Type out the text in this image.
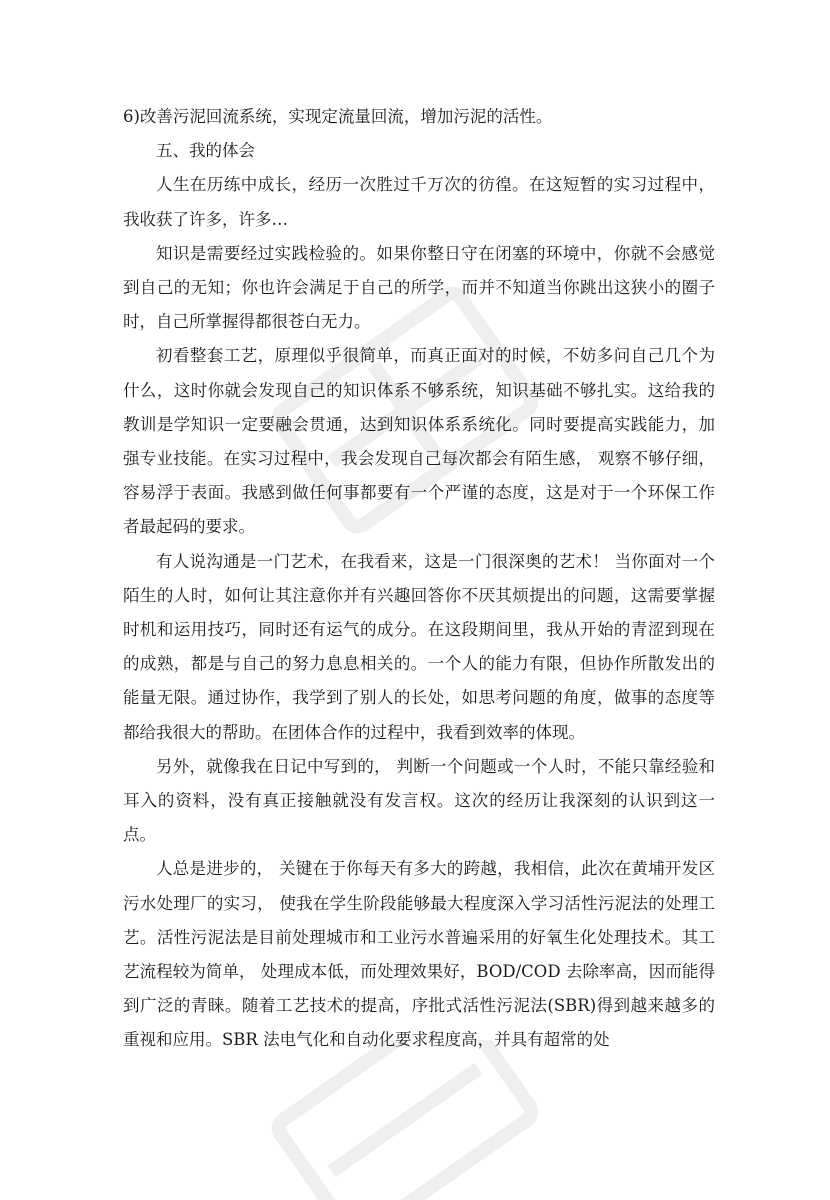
6)改善污泥回流系统，实现定流量回流，增加污泥的活性。

五、我的体会

人生在历练中成长，经历一次胜过千万次的彷徨。在这短暂的实习过程中，我收获了许多，许多…

知识是需要经过实践检验的。如果你整日守在闭塞的环境中，你就不会感觉到自己的无知；你也许会满足于自己的所学，而并不知道当你跳出这狭小的圈子时，自己所掌握得都很苍白无力。

初看整套工艺，原理似乎很简单，而真正面对的时候，不妨多问自己几个为什么，这时你就会发现自己的知识体系不够系统，知识基础不够扎实。这给我的教训是学知识一定要融会贯通，达到知识体系系统化。同时要提高实践能力，加强专业技能。在实习过程中，我会发现自己每次都会有陌生感， 观察不够仔细，容易浮于表面。我感到做任何事都要有一个严谨的态度，这是对于一个环保工作者最起码的要求。

有人说沟通是一门艺术，在我看来，这是一门很深奥的艺术！ 当你面对一个陌生的人时，如何让其注意你并有兴趣回答你不厌其烦提出的问题，这需要掌握时机和运用技巧，同时还有运气的成分。在这段期间里，我从开始的青涩到现在的成熟，都是与自己的努力息息相关的。一个人的能力有限，但协作所散发出的能量无限。通过协作，我学到了别人的长处，如思考问题的角度，做事的态度等都给我很大的帮助。在团体合作的过程中，我看到效率的体现。

另外，就像我在日记中写到的， 判断一个问题或一个人时，不能只靠经验和耳入的资料，没有真正接触就没有发言权。这次的经历让我深刻的认识到这一点。

人总是进步的， 关键在于你每天有多大的跨越，我相信，此次在黄埔开发区污水处理厂的实习， 使我在学生阶段能够最大程度深入学习活性污泥法的处理工艺。活性污泥法是目前处理城市和工业污水普遍采用的好氧生化处理技术。其工艺流程较为简单， 处理成本低，而处理效果好，BOD/COD 去除率高，因而能得到广泛的青睐。随着工艺技术的提高，序批式活性污泥法(SBR)得到越来越多的重视和应用。SBR 法电气化和自动化要求程度高，并具有超常的处
